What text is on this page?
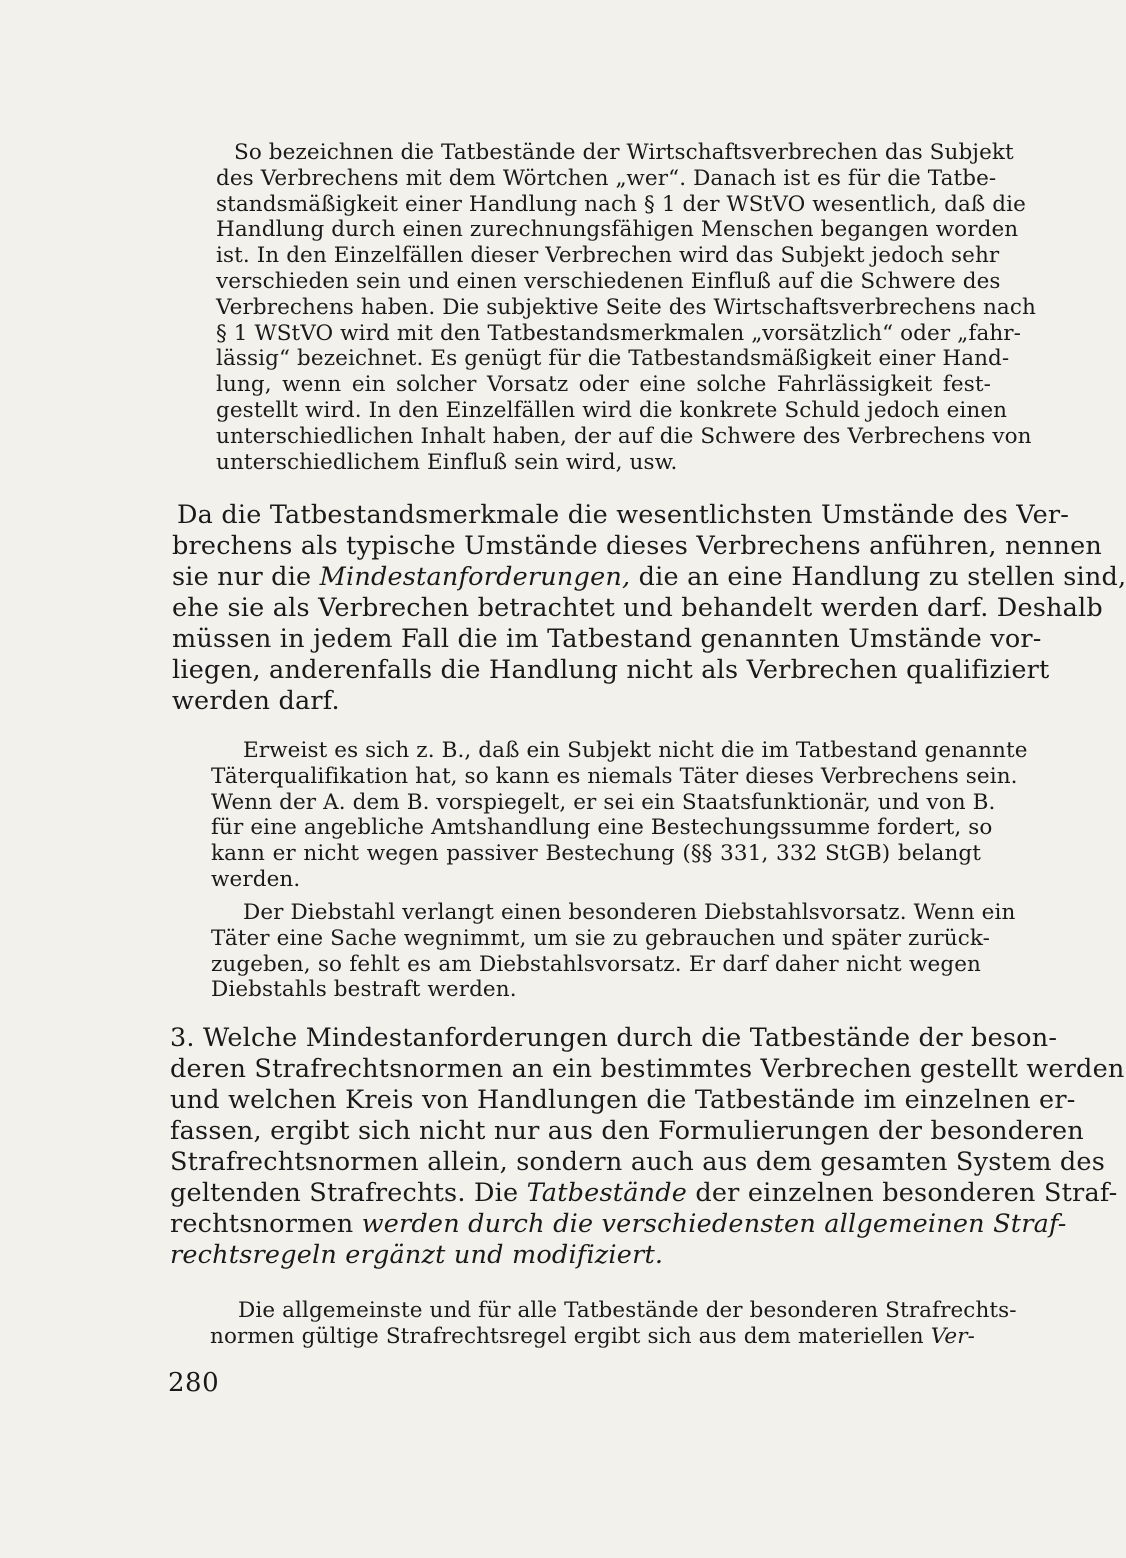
So bezeichnen die Tatbestände der Wirtschaftsverbrechen das Subjekt
des Verbrechens mit dem Wörtchen „wer“. Danach ist es für die Tatbe-
standsmäßigkeit einer Handlung nach § 1 der WStVO wesentlich, daß die
Handlung durch einen zurechnungsfähigen Menschen begangen worden
ist. In den Einzelfällen dieser Verbrechen wird das Subjekt jedoch sehr
verschieden sein und einen verschiedenen Einfluß auf die Schwere des
Verbrechens haben. Die subjektive Seite des Wirtschaftsverbrechens nach
§ 1 WStVO wird mit den Tatbestandsmerkmalen „vorsätzlich“ oder „fahr-
lässig“ bezeichnet. Es genügt für die Tatbestandsmäßigkeit einer Hand-
lung, wenn ein solcher Vorsatz oder eine solche Fahrlässigkeit fest-
gestellt wird. In den Einzelfällen wird die konkrete Schuld jedoch einen
unterschiedlichen Inhalt haben, der auf die Schwere des Verbrechens von
unterschiedlichem Einfluß sein wird, usw.
Da die Tatbestandsmerkmale die wesentlichsten Umstände des Ver-
brechens als typische Umstände dieses Verbrechens anführen, nennen
sie nur die Mindestanforderungen, die an eine Handlung zu stellen sind,
ehe sie als Verbrechen betrachtet und behandelt werden darf. Deshalb
müssen in jedem Fall die im Tatbestand genannten Umstände vor-
liegen, anderenfalls die Handlung nicht als Verbrechen qualifiziert
werden darf.
Erweist es sich z. B., daß ein Subjekt nicht die im Tatbestand genannte
Täterqualifikation hat, so kann es niemals Täter dieses Verbrechens sein.
Wenn der A. dem B. vorspiegelt, er sei ein Staatsfunktionär, und von B.
für eine angebliche Amtshandlung eine Bestechungssumme fordert, so
kann er nicht wegen passiver Bestechung (§§ 331, 332 StGB) belangt
werden.
Der Diebstahl verlangt einen besonderen Diebstahlsvorsatz. Wenn ein
Täter eine Sache wegnimmt, um sie zu gebrauchen und später zurück-
zugeben, so fehlt es am Diebstahlsvorsatz. Er darf daher nicht wegen
Diebstahls bestraft werden.
3. Welche Mindestanforderungen durch die Tatbestände der beson-
deren Strafrechtsnormen an ein bestimmtes Verbrechen gestellt werden
und welchen Kreis von Handlungen die Tatbestände im einzelnen er-
fassen, ergibt sich nicht nur aus den Formulierungen der besonderen
Strafrechtsnormen allein, sondern auch aus dem gesamten System des
geltenden Strafrechts. Die Tatbestände der einzelnen besonderen Straf-
rechtsnormen werden durch die verschiedensten allgemeinen Straf-
rechtsregeln ergänzt und modifiziert.
Die allgemeinste und für alle Tatbestände der besonderen Strafrechts-
normen gültige Strafrechtsregel ergibt sich aus dem materiellen Ver-
280
